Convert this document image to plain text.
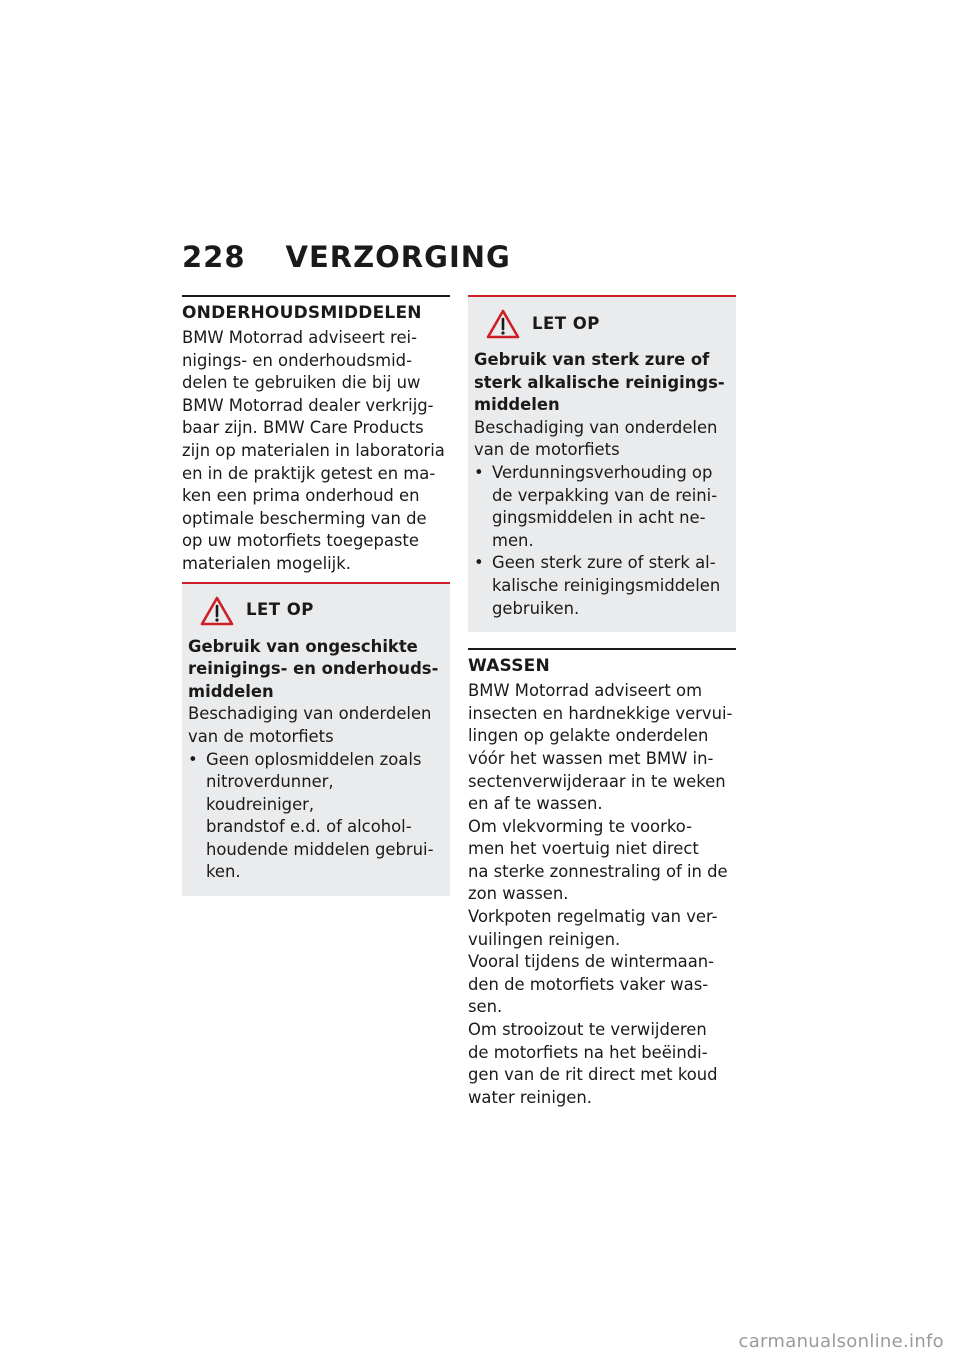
228 VERZORGING

ONDERHOUDSMIDDELEN

BMW Motorrad adviseert rei-
nigings- en onderhoudsmid-
delen te gebruiken die bij uw
BMW Motorrad dealer verkrijg-
baar zijn. BMW Care Products
zijn op materialen in laboratoria
en in de praktijk getest en ma-
ken een prima onderhoud en
optimale bescherming van de
op uw motorfiets toegepaste
materialen mogelijk.
LET OP
Gebruik van ongeschikte
reinigings- en onderhouds-
middelen
Beschadiging van onderdelen
van de motorfiets
• Geen oplosmiddelen zoals
nitroverdunner, koudreiniger,
brandstof e.d. of alcohol-
houdende middelen gebrui-
ken.
LET OP
Gebruik van sterk zure of
sterk alkalische reinigings-
middelen
Beschadiging van onderdelen
van de motorfiets
• Verdunningsverhouding op
de verpakking van de reini-
gingsmiddelen in acht ne-
men.
• Geen sterk zure of sterk al-
kalische reinigingsmiddelen
gebruiken.

WASSEN

BMW Motorrad adviseert om
insecten en hardnekkige vervui-
lingen op gelakte onderdelen
vóór het wassen met BMW in-
sectenverwijderaar in te weken
en af te wassen.
Om vlekvorming te voorko-
men het voertuig niet direct
na sterke zonnestraling of in de
zon wassen.
Vorkpoten regelmatig van ver-
vuilingen reinigen.
Vooral tijdens de wintermaan-
den de motorfiets vaker was-
sen.
Om strooizout te verwijderen
de motorfiets na het beëindi-
gen van de rit direct met koud
water reinigen.
carmanualsonline.info
